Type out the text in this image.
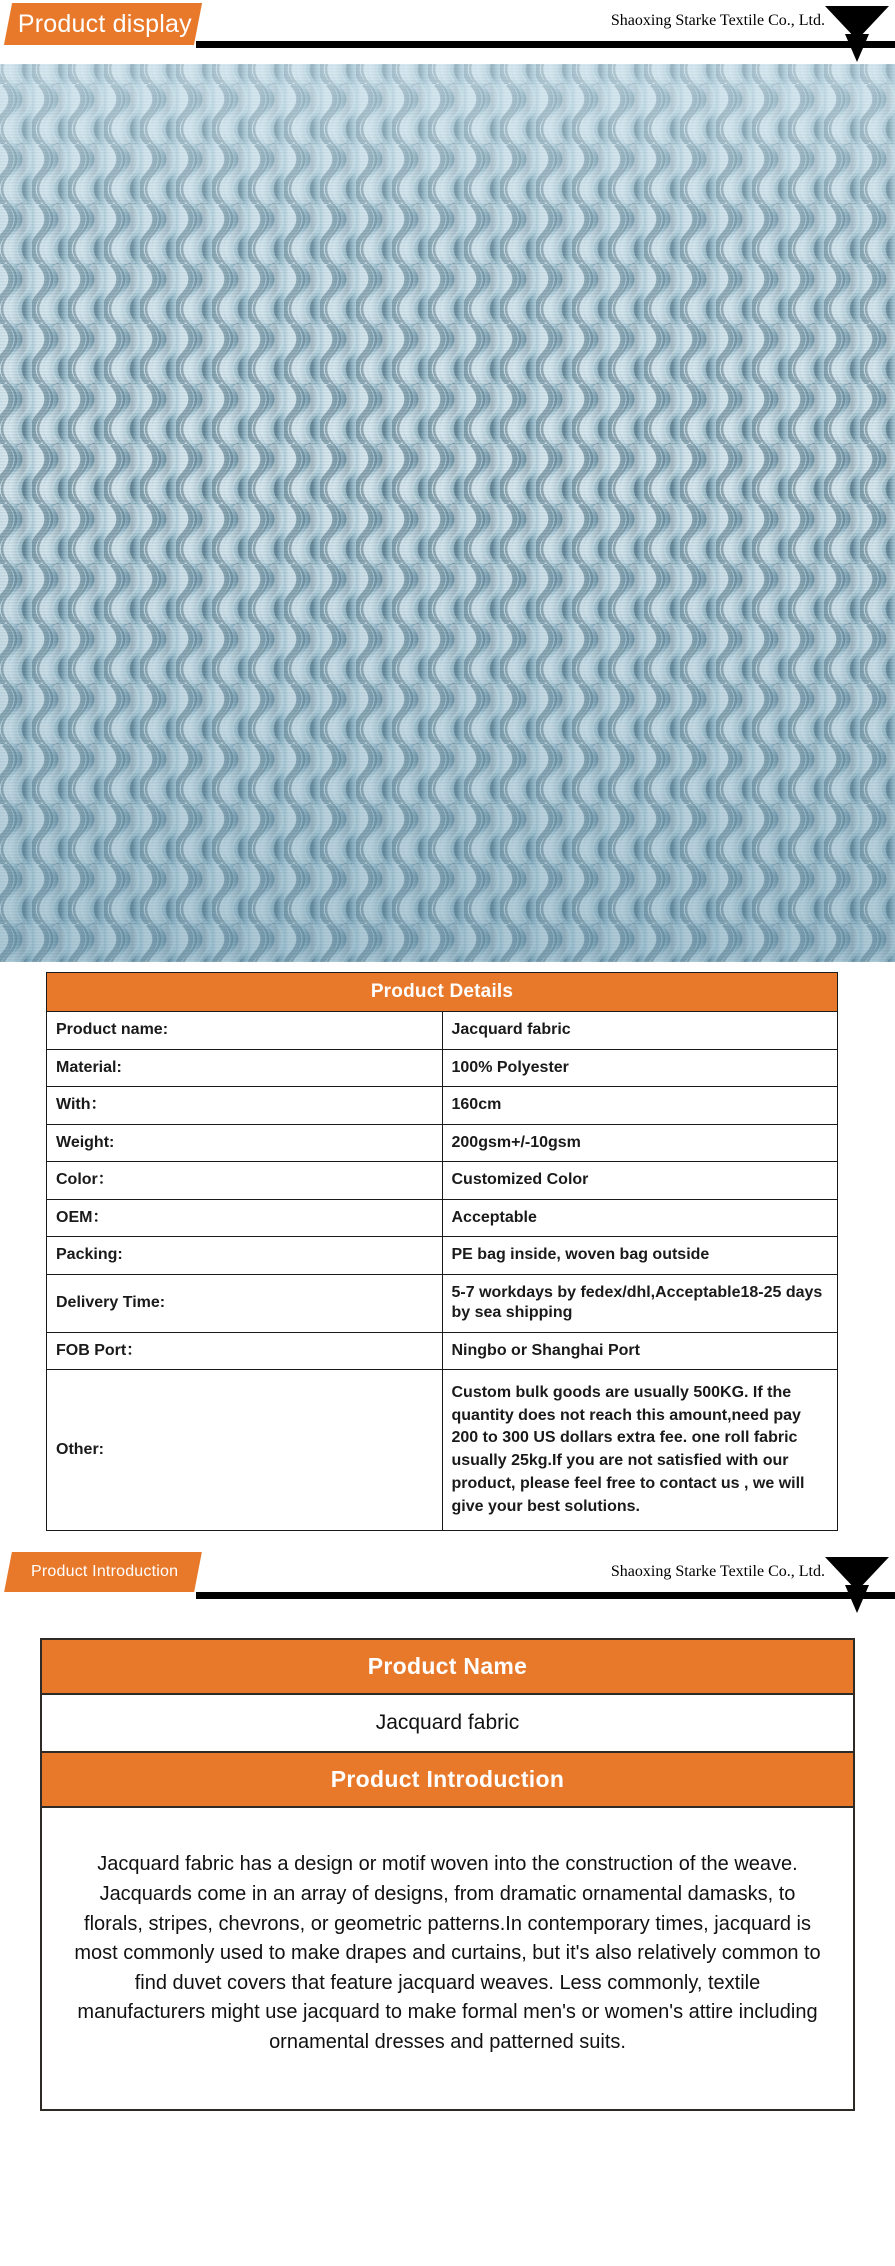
Product display	Shaoxing Starke Textile Co., Ltd.
Product Details	
Product name:	Jacquard fabric
Material:	100% Polyester
With：	160cm
Weight:	200gsm+/-10gsm
Color：	Customized Color
OEM：	Acceptable
Packing:	PE bag inside, woven bag outside
Delivery Time:	5-7 workdays by fedex/dhl,Acceptable18-25 days by sea shipping
FOB Port：	Ningbo or Shanghai Port
Other:	Custom bulk goods are usually 500KG. If the quantity does not reach this amount,need pay 200 to 300 US dollars extra fee. one roll fabric usually 25kg.If you are not satisfied with our product, please feel free to contact us , we will give your best solutions.
Product Introduction	Shaoxing Starke Textile Co., Ltd.
Product Name
Jacquard fabric
Product Introduction
Jacquard fabric has a design or motif woven into the construction of the weave. Jacquards come in an array of designs, from dramatic ornamental damasks, to florals, stripes, chevrons, or geometric patterns.In contemporary times, jacquard is most commonly used to make drapes and curtains, but it's also relatively common to find duvet covers that feature jacquard weaves. Less commonly, textile manufacturers might use jacquard to make formal men's or women's attire including ornamental dresses and patterned suits.
